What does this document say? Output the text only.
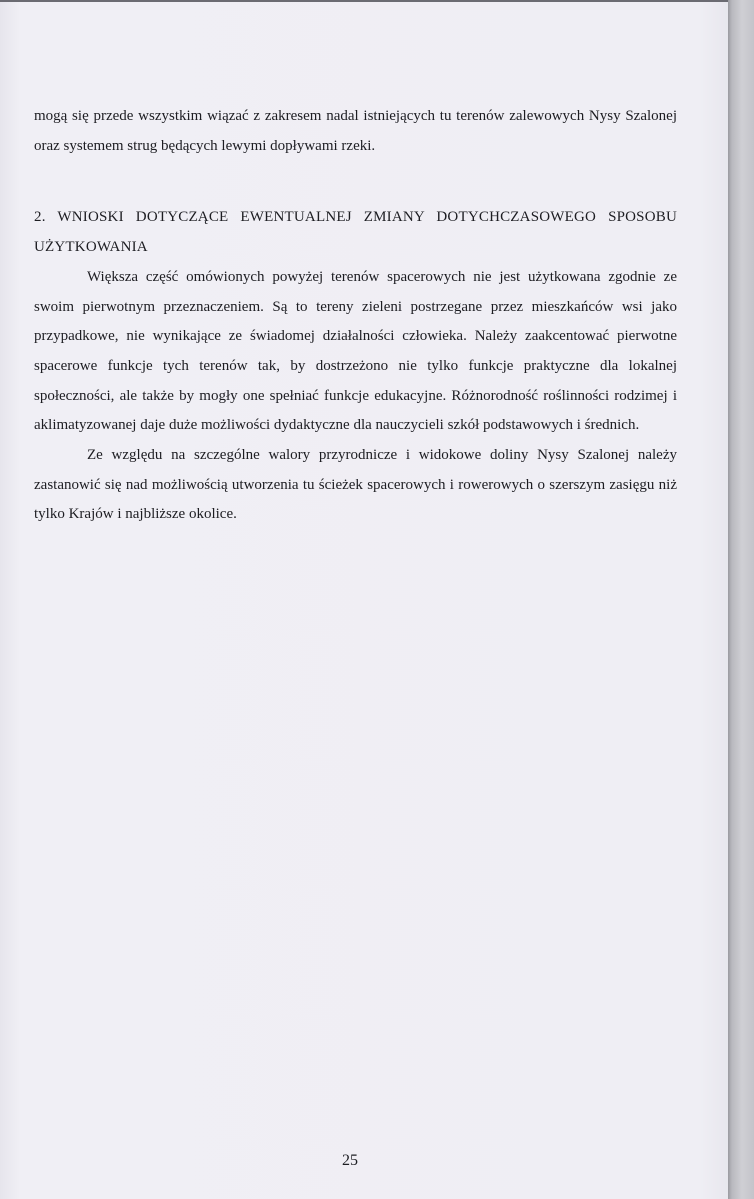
mogą się przede wszystkim wiązać z zakresem nadal istniejących tu terenów zalewowych Nysy Szalonej oraz systemem strug będących lewymi dopływami rzeki.

2. WNIOSKI DOTYCZĄCE EWENTUALNEJ ZMIANY DOTYCHCZASOWEGO SPOSOBU UŻYTKOWANIA

Większa część omówionych powyżej terenów spacerowych nie jest użytkowana zgodnie ze swoim pierwotnym przeznaczeniem. Są to tereny zieleni postrzegane przez mieszkańców wsi jako przypadkowe, nie wynikające ze świadomej działalności człowieka. Należy zaakcentować pierwotne spacerowe funkcje tych terenów tak, by dostrzeżono nie tylko funkcje praktyczne dla lokalnej społeczności, ale także by mogły one spełniać funkcje edukacyjne. Różnorodność roślinności rodzimej i aklimatyzowanej daje duże możliwości dydaktyczne dla nauczycieli szkół podstawowych i średnich.

Ze względu na szczególne walory przyrodnicze i widokowe doliny Nysy Szalonej należy zastanowić się nad możliwością utworzenia tu ścieżek spacerowych i rowerowych o szerszym zasięgu niż tylko Krajów i najbliższe okolice.

25
